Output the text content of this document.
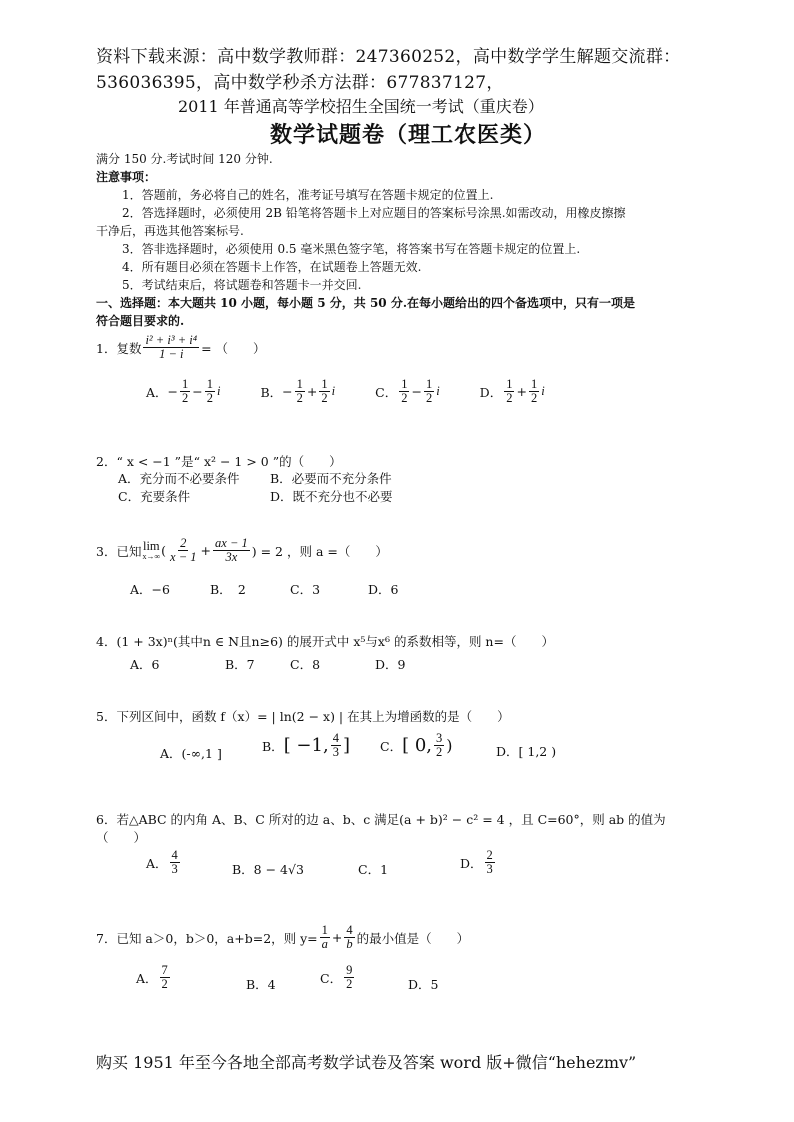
资料下载来源：高中数学教师群：247360252，高中数学学生解题交流群：
536036395，高中数学秒杀方法群：677837127，
2011 年普通高等学校招生全国统一考试（重庆卷）
数学试题卷（理工农医类）
满分 150 分.考试时间 120 分钟.
注意事项：
1．答题前，务必将自己的姓名，准考证号填写在答题卡规定的位置上.
2．答选择题时，必须使用 2B 铅笔将答题卡上对应题目的答案标号涂黑.如需改动，用橡皮擦擦
干净后，再选其他答案标号.
3．答非选择题时，必须使用 0.5 毫米黑色签字笔，将答案书写在答题卡规定的位置上.
4．所有题目必须在答题卡上作答，在试题卷上答题无效.
5．考试结束后，将试题卷和答题卡一并交回.
一、选择题：本大题共 10 小题，每小题 5 分，共 50 分.在每小题给出的四个备选项中，只有一项是
符合题目要求的.
1．复数 $\frac{\text{i² + i³ + i⁴}}{1 - i}$ = （　　）
A． − $\frac{1}{2} - \frac{1}{2}$ i	B． − $\frac{1}{2} + \frac{1}{2}$ i	C． $\frac{1}{2} - \frac{1}{2}$ i	D． $\frac{1}{2} + \frac{1}{2}$ i
2．“ x < −1 ”是“ x² − 1 > 0 ”的（　　）
A．充分而不必要条件 B．必要而不充分条件
C．充要条件	D．既不充分也不必要
3．已知 lim
x→∞ ( $\frac{2}{x - 1} + \frac{ax - 1}{3x}$ ) = 2 ，则 a =（　　）
A．−6	B．　2	C．3	D．6
4．(1 + 3x)ⁿ(其中n ∈ N且n≥6) 的展开式中 x⁵与x⁶ 的系数相等，则 n=（　　）
A．6	B．7	C．8	D．9
5．下列区间中，函数 f（x）= | ln(2 − x) | 在其上为增函数的是（　　）
A．(-∞,1 ]	B． [ −1, $\frac{4}{3}$ ] C． [ 0, $\frac{3}{2}$ )	D．[ 1,2 )
6．若△ABC 的内角 A、B、C 所对的边 a、b、c 满足(a + b)² − c² = 4 ，且 C=60°，则 ab 的值为
（　　）
A． $\frac{4}{3}$	B．8 − 4√3	C．1	D． $\frac{2}{3}$
7．已知 a＞0，b＞0，a+b=2，则 $y= \frac{1}{a} + \frac{4}{b}$ 的最小值是（　　）
A． $\frac{7}{2}$	B．4	C． $\frac{9}{2}$	D．5
购买 1951 年至今各地全部高考数学试卷及答案 word 版+微信“hehezmv”
